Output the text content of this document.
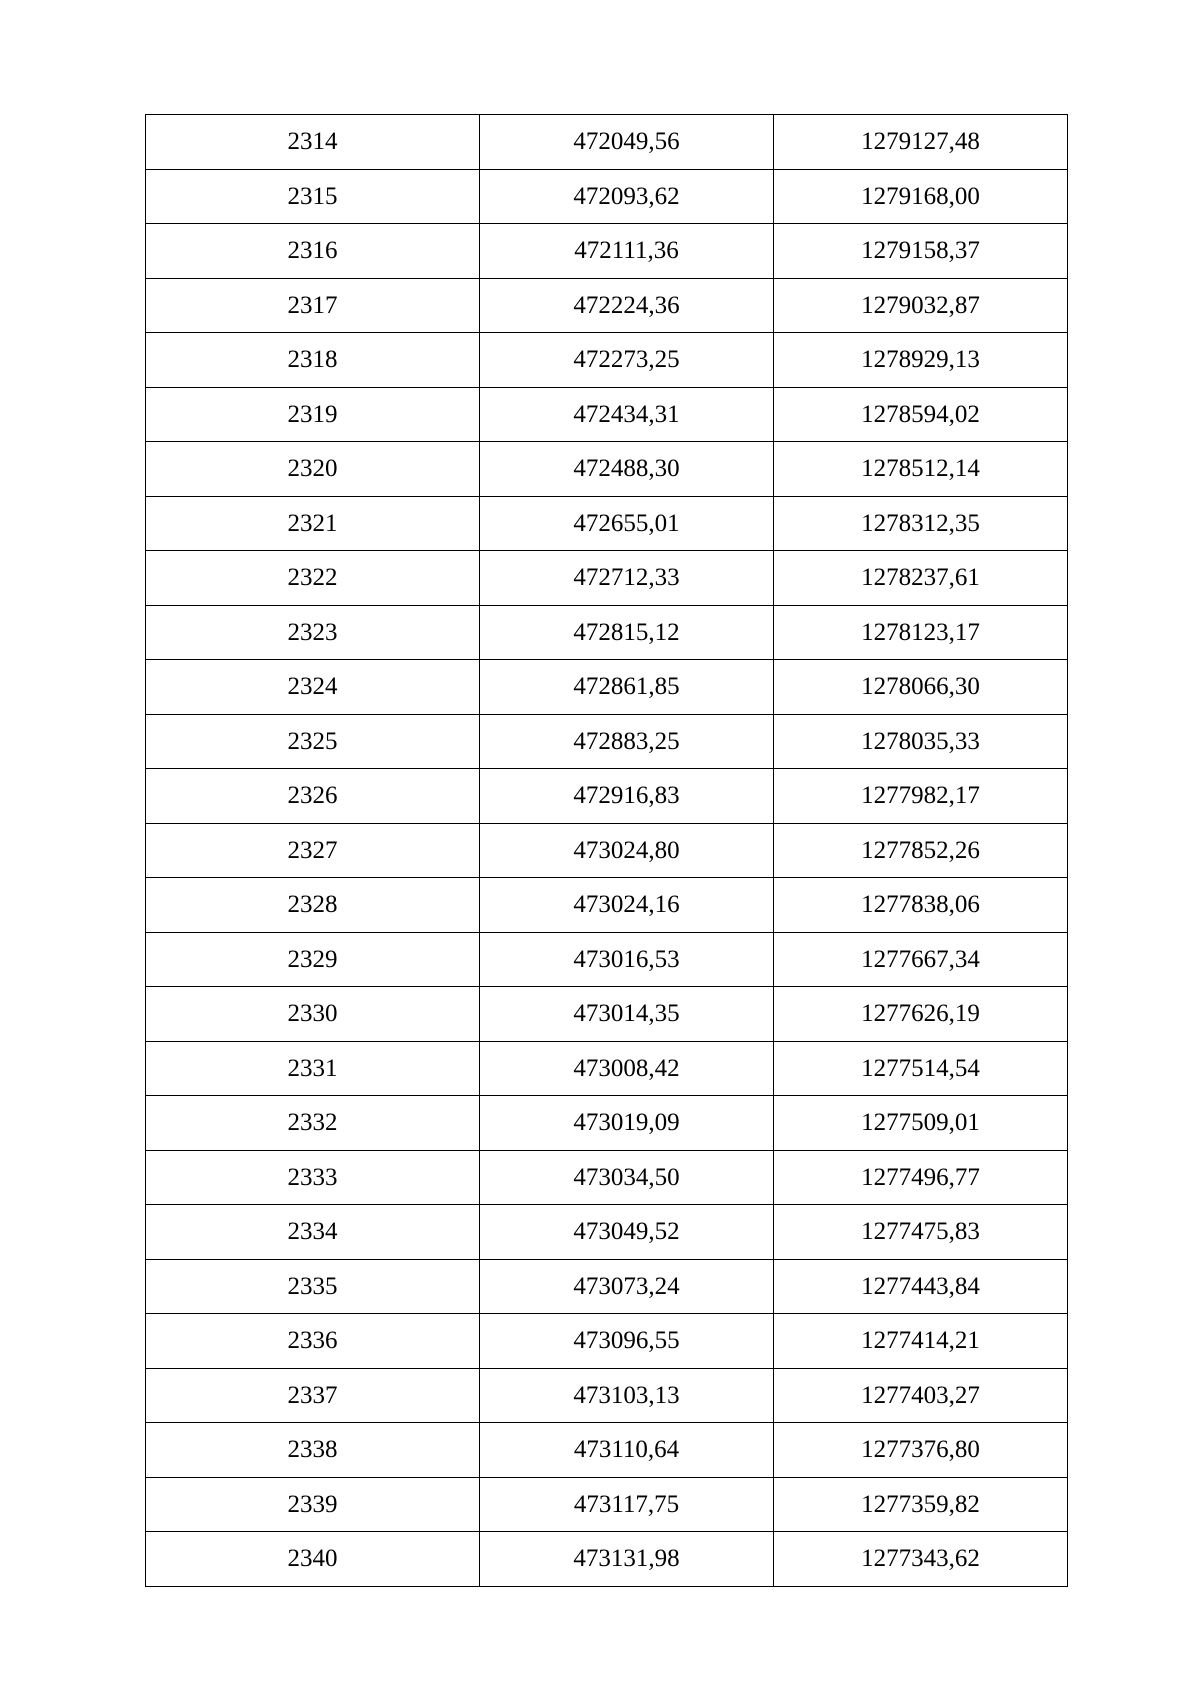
2314	472049,56	1279127,48
2315	472093,62	1279168,00
2316	472111,36	1279158,37
2317	472224,36	1279032,87
2318	472273,25	1278929,13
2319	472434,31	1278594,02
2320	472488,30	1278512,14
2321	472655,01	1278312,35
2322	472712,33	1278237,61
2323	472815,12	1278123,17
2324	472861,85	1278066,30
2325	472883,25	1278035,33
2326	472916,83	1277982,17
2327	473024,80	1277852,26
2328	473024,16	1277838,06
2329	473016,53	1277667,34
2330	473014,35	1277626,19
2331	473008,42	1277514,54
2332	473019,09	1277509,01
2333	473034,50	1277496,77
2334	473049,52	1277475,83
2335	473073,24	1277443,84
2336	473096,55	1277414,21
2337	473103,13	1277403,27
2338	473110,64	1277376,80
2339	473117,75	1277359,82
2340	473131,98	1277343,62
